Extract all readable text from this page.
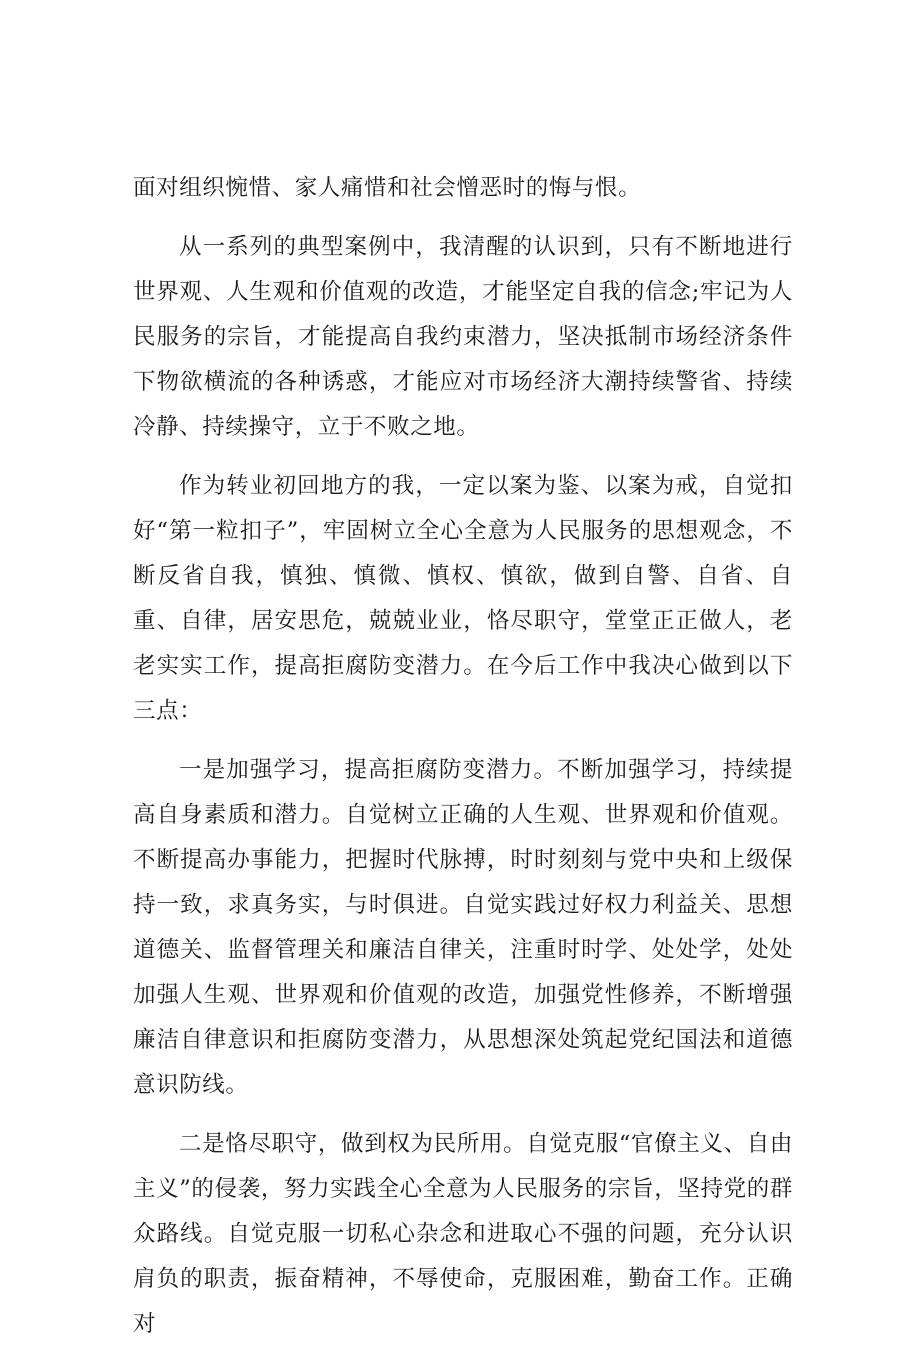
面对组织惋惜、家人痛惜和社会憎恶时的悔与恨。

从一系列的典型案例中，我清醒的认识到，只有不断地进行世界观、人生观和价值观的改造，才能坚定自我的信念;牢记为人民服务的宗旨，才能提高自我约束潜力，坚决抵制市场经济条件下物欲横流的各种诱惑，才能应对市场经济大潮持续警省、持续冷静、持续操守，立于不败之地。

作为转业初回地方的我，一定以案为鉴、以案为戒，自觉扣好“第一粒扣子”，牢固树立全心全意为人民服务的思想观念，不断反省自我，慎独、慎微、慎权、慎欲，做到自警、自省、自重、自律，居安思危，兢兢业业，恪尽职守，堂堂正正做人，老老实实工作，提高拒腐防变潜力。在今后工作中我决心做到以下三点：

一是加强学习，提高拒腐防变潜力。不断加强学习，持续提高自身素质和潜力。自觉树立正确的人生观、世界观和价值观。不断提高办事能力，把握时代脉搏，时时刻刻与党中央和上级保持一致，求真务实，与时俱进。自觉实践过好权力利益关、思想道德关、监督管理关和廉洁自律关，注重时时学、处处学，处处加强人生观、世界观和价值观的改造，加强党性修养，不断增强廉洁自律意识和拒腐防变潜力，从思想深处筑起党纪国法和道德意识防线。

二是恪尽职守，做到权为民所用。自觉克服“官僚主义、自由主义”的侵袭，努力实践全心全意为人民服务的宗旨，坚持党的群众路线。自觉克服一切私心杂念和进取心不强的问题，充分认识肩负的职责，振奋精神，不辱使命，克服困难，勤奋工作。正确对
